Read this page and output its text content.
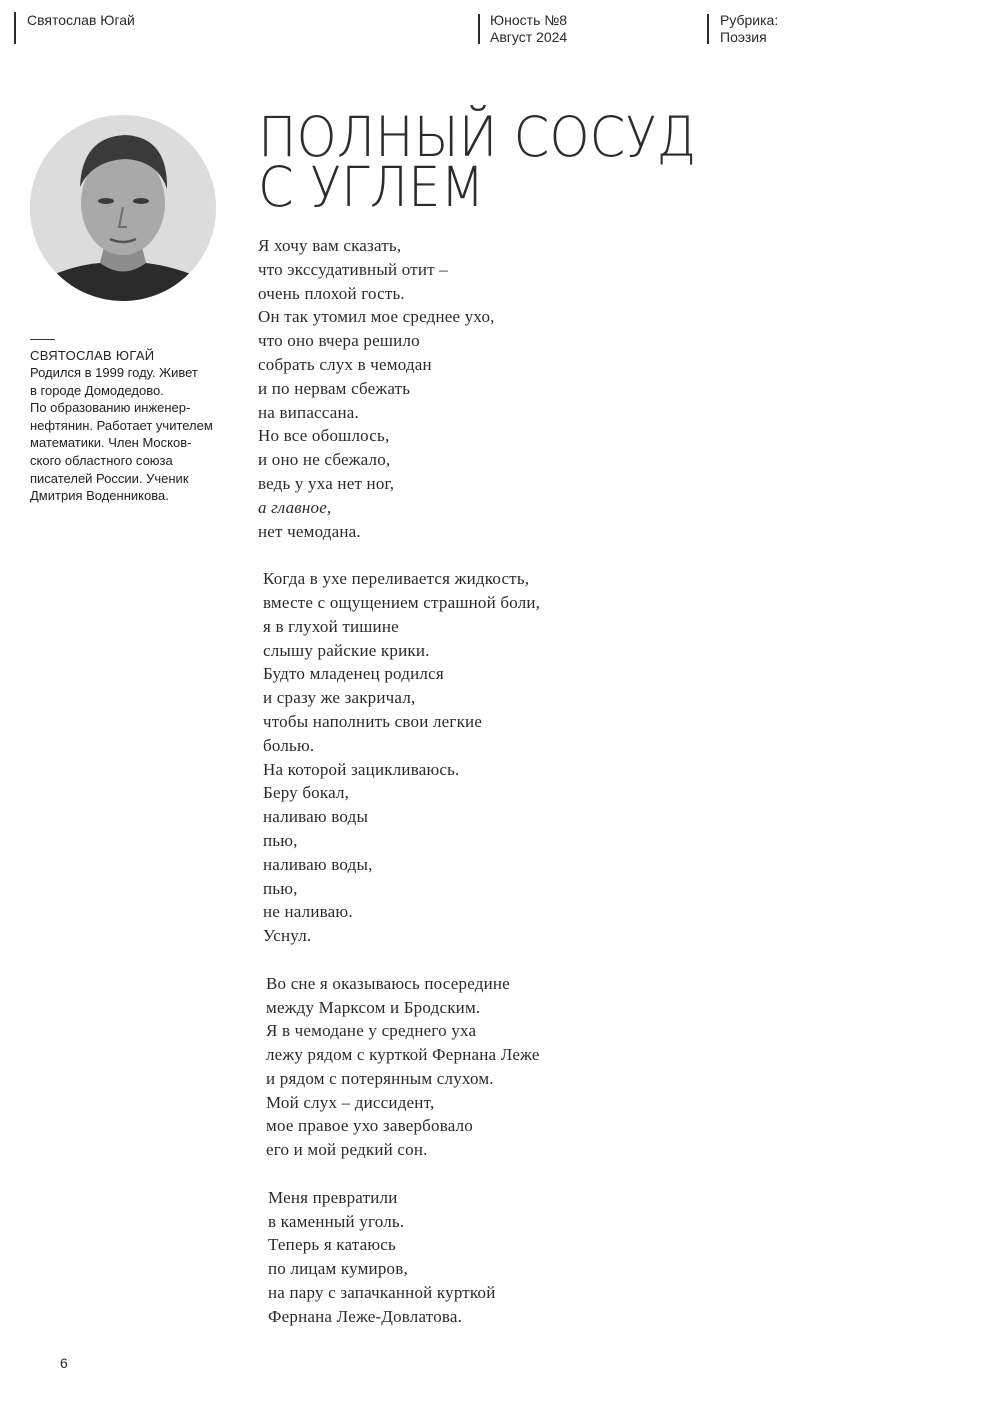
Святослав Югай	Юность №8
Август 2024
Рубрика:
Поэзия
СВЯТОСЛАВ ЮГАЙ
Родился в 1999 году. Живет
в городе Домодедово.
По образованию инженер-
нефтянин. Работает учителем
математики. Член Москов-
ского областного союза
писателей России. Ученик
Дмитрия Воденникова.
ПОЛНЫЙ СОСУД
С УГЛЕМ
Я хочу вам сказать,
что экссудативный отит –
очень плохой гость.
Он так утомил мое среднее ухо,
что оно вчера решило
собрать слух в чемодан
и по нервам сбежать
на випассана.
Но все обошлось,
и оно не сбежало,
ведь у уха нет ног,
а главное,
нет чемодана.
Когда в ухе переливается жидкость,
вместе с ощущением страшной боли,
я в глухой тишине
слышу райские крики.
Будто младенец родился
и сразу же закричал,
чтобы наполнить свои легкие
болью.
На которой зацикливаюсь.
Беру бокал,
наливаю воды
пью,
наливаю воды,
пью,
не наливаю.
Уснул.
Во сне я оказываюсь посередине
между Марксом и Бродским.
Я в чемодане у среднего уха
лежу рядом с курткой Фернана Леже
и рядом с потерянным слухом.
Мой слух – диссидент,
мое правое ухо завербовало
его и мой редкий сон.
Меня превратили
в каменный уголь.
Теперь я катаюсь
по лицам кумиров,
на пару с запачканной курткой
Фернана Леже-Довлатова.
6
